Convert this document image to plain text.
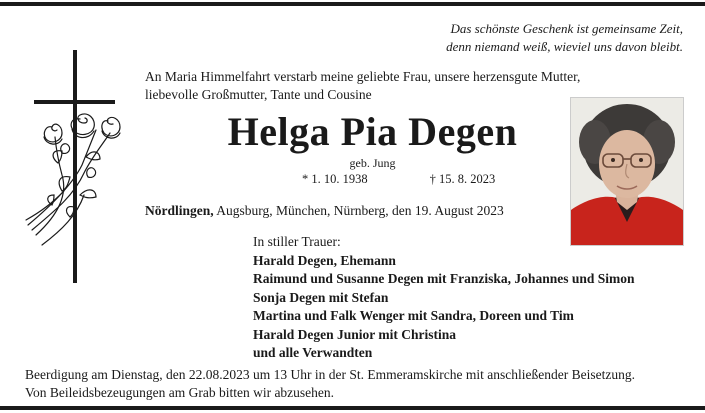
Das schönste Geschenk ist gemeinsame Zeit,
denn niemand weiß, wieviel uns davon bleibt.
An Maria Himmelfahrt verstarb meine geliebte Frau, unsere herzensgute Mutter,
liebevolle Großmutter, Tante und Cousine
Helga Pia Degen
geb. Jung
* 1. 10. 1938	† 15. 8. 2023
Nördlingen, Augsburg, München, Nürnberg, den 19. August 2023
In stiller Trauer:
Harald Degen, Ehemann
Raimund und Susanne Degen mit Franziska, Johannes und Simon
Sonja Degen mit Stefan
Martina und Falk Wenger mit Sandra, Doreen und Tim
Harald Degen Junior mit Christina
und alle Verwandten
Beerdigung am Dienstag, den 22.08.2023 um 13 Uhr in der St. Emmeramskirche mit anschließender Beisetzung.
Von Beileidsbezeugungen am Grab bitten wir abzusehen.
